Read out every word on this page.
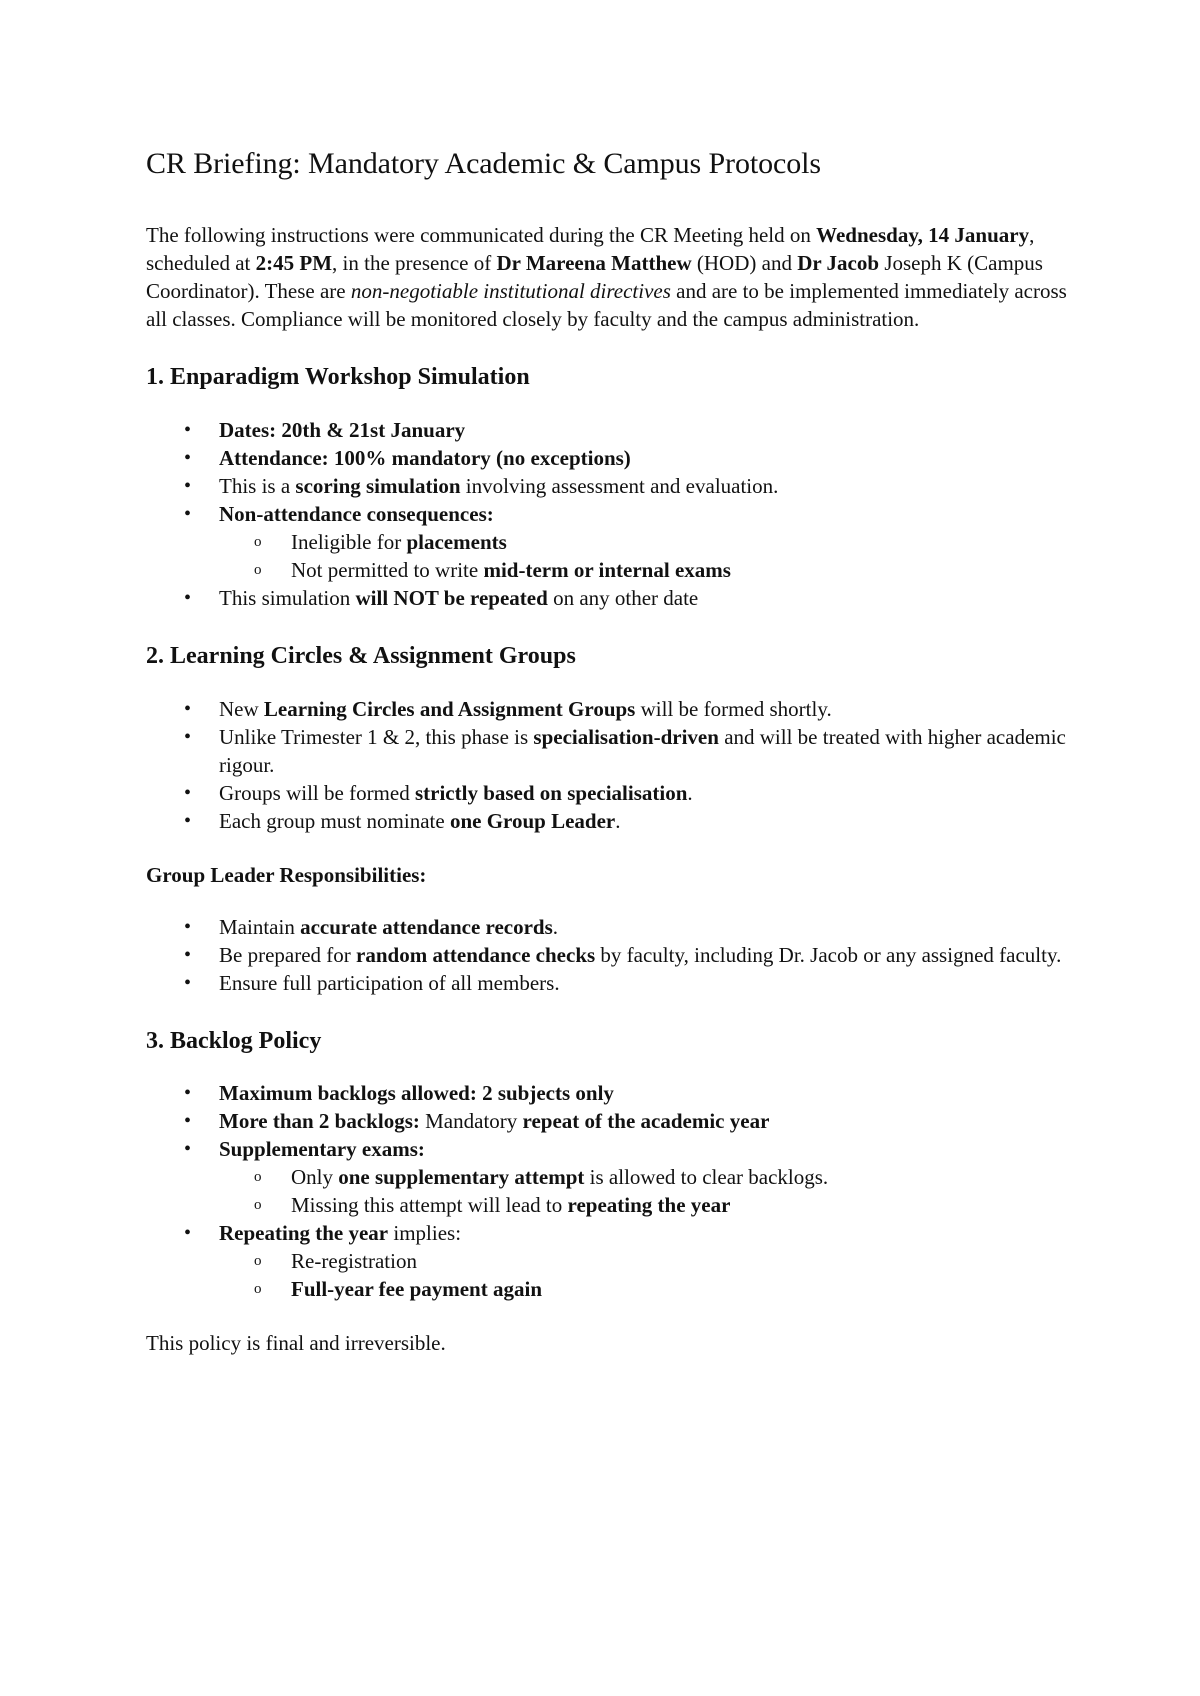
CR Briefing: Mandatory Academic & Campus Protocols

The following instructions were communicated during the CR Meeting held on Wednesday, 14 January, scheduled at 2:45 PM, in the presence of Dr Mareena Matthew (HOD) and Dr Jacob Joseph K (Campus Coordinator). These are non-negotiable institutional directives and are to be implemented immediately across all classes. Compliance will be monitored closely by faculty and the campus administration.

1. Enparadigm Workshop Simulation
• Dates: 20th & 21st January
• Attendance: 100% mandatory (no exceptions)
• This is a scoring simulation involving assessment and evaluation.
• Non-attendance consequences:
o Ineligible for placements
o Not permitted to write mid-term or internal exams
• This simulation will NOT be repeated on any other date
2. Learning Circles & Assignment Groups
• New Learning Circles and Assignment Groups will be formed shortly.
• Unlike Trimester 1 & 2, this phase is specialisation-driven and will be treated with higher academic rigour.
• Groups will be formed strictly based on specialisation.
• Each group must nominate one Group Leader.

Group Leader Responsibilities:

• Maintain accurate attendance records.
• Be prepared for random attendance checks by faculty, including Dr. Jacob or any assigned faculty.
• Ensure full participation of all members.
3. Backlog Policy
• Maximum backlogs allowed: 2 subjects only
• More than 2 backlogs: Mandatory repeat of the academic year
• Supplementary exams:
o Only one supplementary attempt is allowed to clear backlogs.
o Missing this attempt will lead to repeating the year
• Repeating the year implies:
o Re-registration
o Full-year fee payment again

This policy is final and irreversible.
